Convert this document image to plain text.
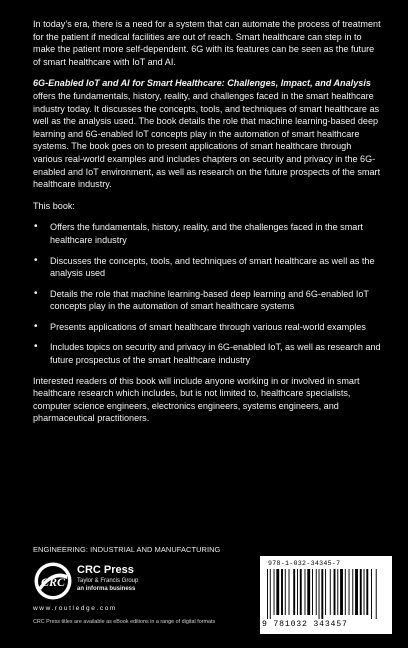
In today’s era, there is a need for a system that can automate the process of treatment for the patient if medical facilities are out of reach. Smart healthcare can step in to make the patient more self-dependent. 6G with its features can be seen as the future of smart healthcare with IoT and AI.

6G-Enabled IoT and AI for Smart Healthcare: Challenges, Impact, and Analysis offers the fundamentals, history, reality, and challenges faced in the smart healthcare industry today. It discusses the concepts, tools, and techniques of smart healthcare as well as the analysis used. The book details the role that machine learning-based deep learning and 6G-enabled IoT concepts play in the automation of smart healthcare systems. The book goes on to present applications of smart healthcare through various real-world examples and includes chapters on security and privacy in the 6G-enabled and IoT environment, as well as research on the future prospects of the smart healthcare industry.

This book:

• Offers the fundamentals, history, reality, and the challenges faced in the smart healthcare industry
• Discusses the concepts, tools, and techniques of smart healthcare as well as the analysis used
• Details the role that machine learning-based deep learning and 6G-enabled IoT concepts play in the automation of smart healthcare systems
• Presents applications of smart healthcare through various real-world examples
• Includes topics on security and privacy in 6G-enabled IoT, as well as research and future prospectus of the smart healthcare industry

Interested readers of this book will include anyone working in or involved in smart healthcare research which includes, but is not limited to, healthcare specialists, computer science engineers, electronics engineers, systems engineers, and pharmaceutical practitioners.

ENGINEERING: INDUSTRIAL AND MANUFACTURING
CRC
CRC Press
Taylor & Francis Group
an informa business
www.routledge.com
CRC Press titles are available as eBook editions in a range of digital formats
978-1-032-34345-7
9 781032 343457
